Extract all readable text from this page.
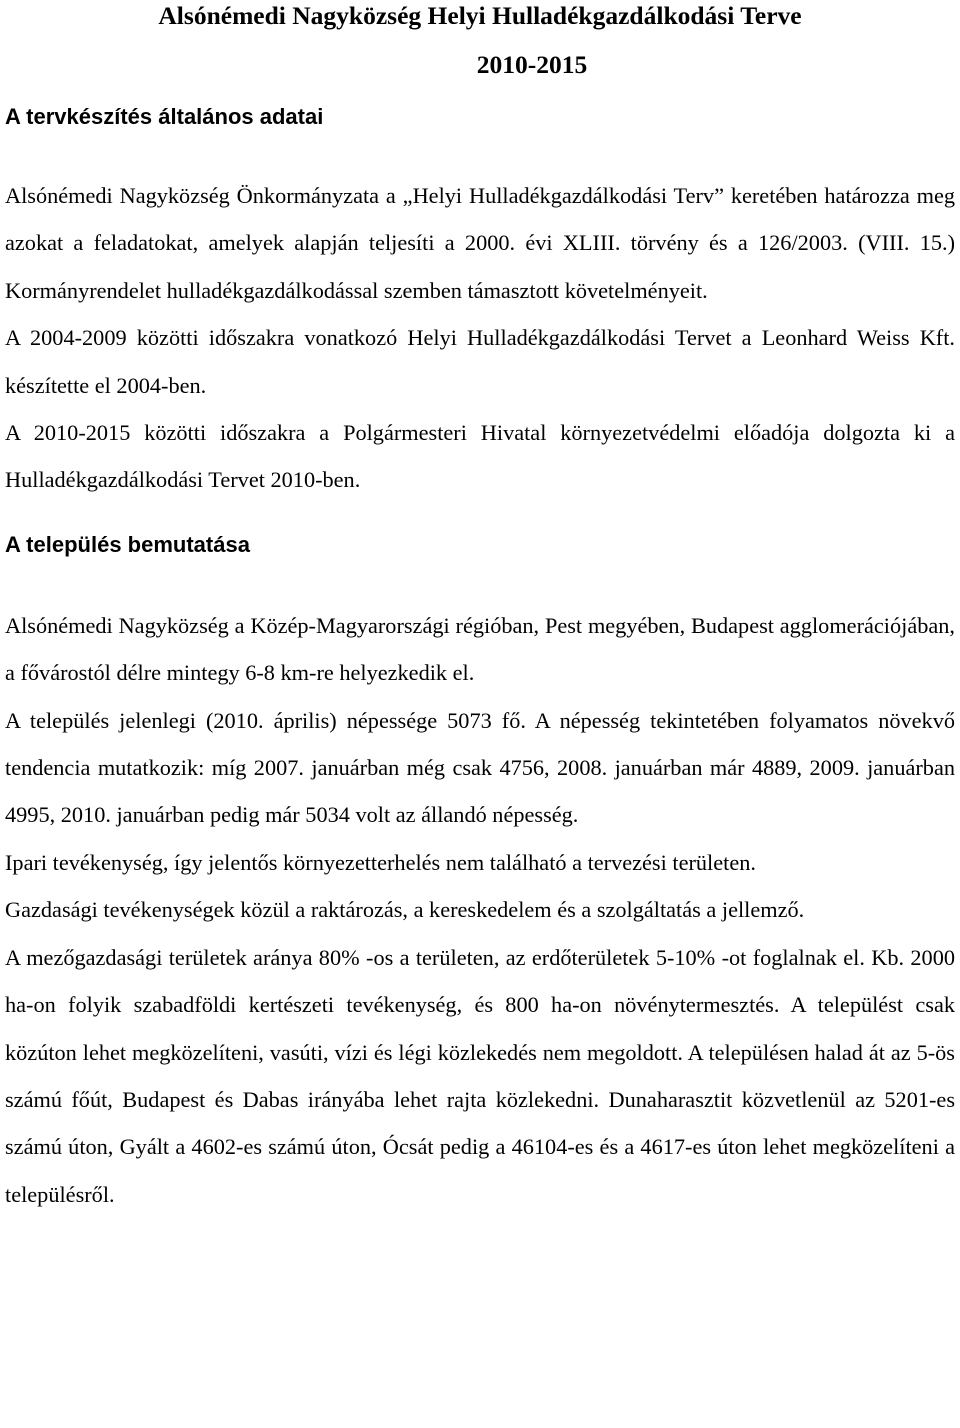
Alsónémedi Nagyközség Helyi Hulladékgazdálkodási Terve
2010-2015
A tervkészítés általános adatai

Alsónémedi Nagyközség Önkormányzata a „Helyi Hulladékgazdálkodási Terv” keretében határozza meg azokat a feladatokat, amelyek alapján teljesíti a 2000. évi XLIII. törvény és a 126/2003. (VIII. 15.) Kormányrendelet hulladékgazdálkodással szemben támasztott követelményeit.

A 2004-2009 közötti időszakra vonatkozó Helyi Hulladékgazdálkodási Tervet a Leonhard Weiss Kft. készítette el 2004-ben.

A 2010-2015 közötti időszakra a Polgármesteri Hivatal környezetvédelmi előadója dolgozta ki a Hulladékgazdálkodási Tervet 2010-ben.

A település bemutatása

Alsónémedi Nagyközség a Közép-Magyarországi régióban, Pest megyében, Budapest agglomerációjában, a fővárostól délre mintegy 6-8 km-re helyezkedik el.

A település jelenlegi (2010. április) népessége 5073 fő. A népesség tekintetében folyamatos növekvő tendencia mutatkozik: míg 2007. januárban még csak 4756, 2008. januárban már 4889, 2009. januárban 4995, 2010. januárban pedig már 5034 volt az állandó népesség.

Ipari tevékenység, így jelentős környezetterhelés nem található a tervezési területen.

Gazdasági tevékenységek közül a raktározás, a kereskedelem és a szolgáltatás a jellemző.

A mezőgazdasági területek aránya 80% -os a területen, az erdőterületek 5-10% -ot foglalnak el. Kb. 2000 ha-on folyik szabadföldi kertészeti tevékenység, és 800 ha-on növénytermesztés. A települést csak közúton lehet megközelíteni, vasúti, vízi és légi közlekedés nem megoldott. A településen halad át az 5-ös számú főút, Budapest és Dabas irányába lehet rajta közlekedni. Dunaharasztit közvetlenül az 5201-es számú úton, Gyált a 4602-es számú úton, Ócsát pedig a 46104-es és a 4617-es úton lehet megközelíteni a településről.
